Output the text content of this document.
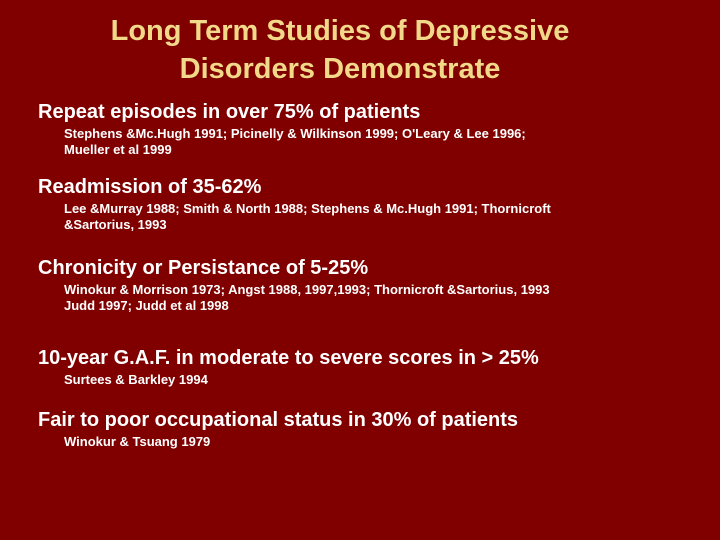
Long Term Studies of Depressive
Disorders Demonstrate
Repeat episodes in over 75% of patients
Stephens &Mc.Hugh 1991; Picinelly & Wilkinson 1999; O'Leary & Lee 1996;
Mueller et al 1999
Readmission of 35-62%
Lee &Murray 1988; Smith & North 1988; Stephens & Mc.Hugh 1991; Thornicroft
&Sartorius, 1993
Chronicity or Persistance of 5-25%
Winokur & Morrison 1973; Angst 1988, 1997,1993; Thornicroft &Sartorius, 1993
Judd 1997; Judd et al 1998
10-year G.A.F. in moderate to severe scores in > 25%
Surtees & Barkley 1994
Fair to poor occupational status in 30% of patients
Winokur & Tsuang 1979
